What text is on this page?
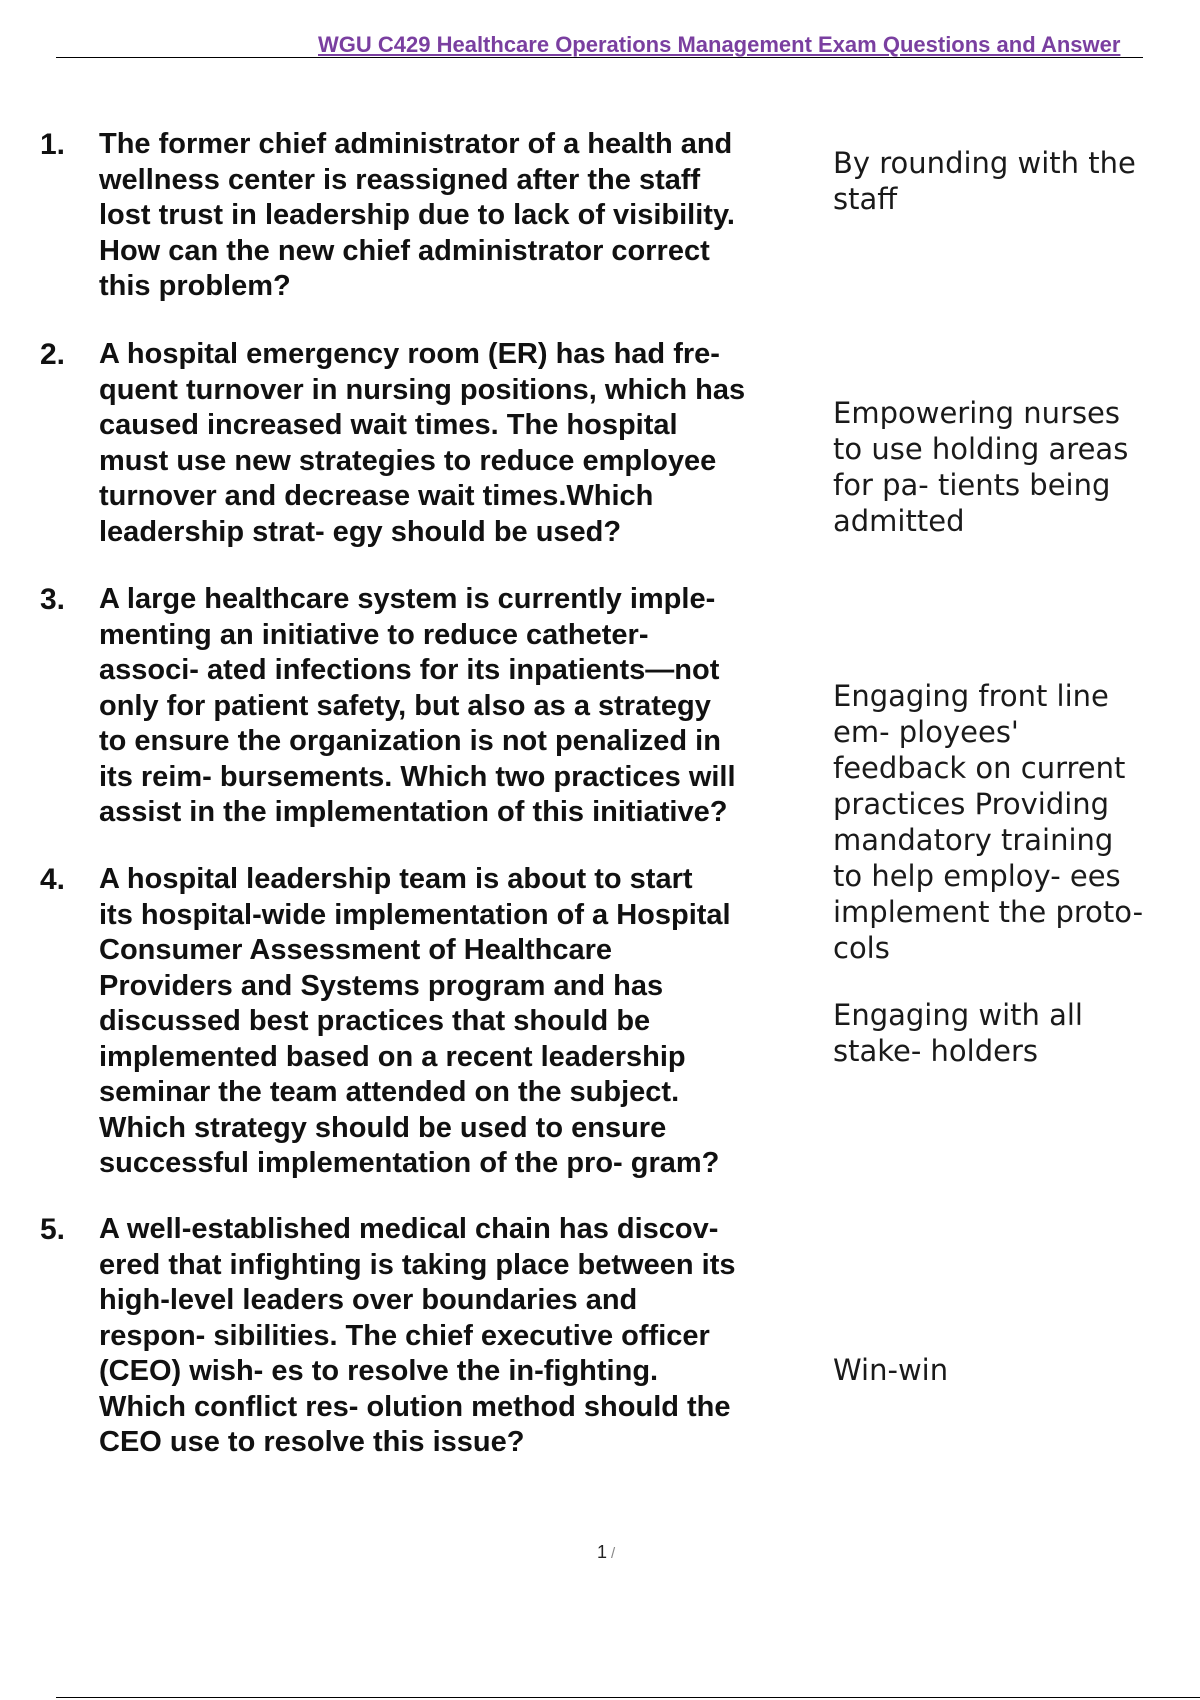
WGU C429 Healthcare Operations Management Exam Questions and Answer
1. The former chief administrator of a health and
wellness center is reassigned after the staff
lost trust in leadership due to lack of visibility.
How can the new chief administrator correct
this problem?

By rounding with the
staff

2. A hospital emergency room (ER) has had fre-
quent turnover in nursing positions, which has
caused increased wait times. The hospital
must use new strategies to reduce employee
turnover and decrease wait times.Which
leadership strat- egy should be used?

Empowering nurses
to use holding areas
for pa- tients being
admitted

3. A large healthcare system is currently imple-
menting an initiative to reduce catheter-
associ- ated infections for its inpatients—not
only for patient safety, but also as a strategy
to ensure the organization is not penalized in
its reim- bursements. Which two practices will
assist in the implementation of this initiative?

Engaging front line
em- ployees'
feedback on current
practices Providing
mandatory training
to help employ- ees
implement the proto-
cols

4. A hospital leadership team is about to start
its hospital-wide implementation of a Hospital
Consumer Assessment of Healthcare
Providers and Systems program and has
discussed best practices that should be
implemented based on a recent leadership
seminar the team attended on the subject.
Which strategy should be used to ensure
successful implementation of the pro- gram?

Engaging with all
stake- holders

5. A well-established medical chain has discov-
ered that infighting is taking place between its
high-level leaders over boundaries and
respon- sibilities. The chief executive officer
(CEO) wish- es to resolve the in-fighting.
Which conflict res- olution method should the
CEO use to resolve this issue?

Win-win

1 /
